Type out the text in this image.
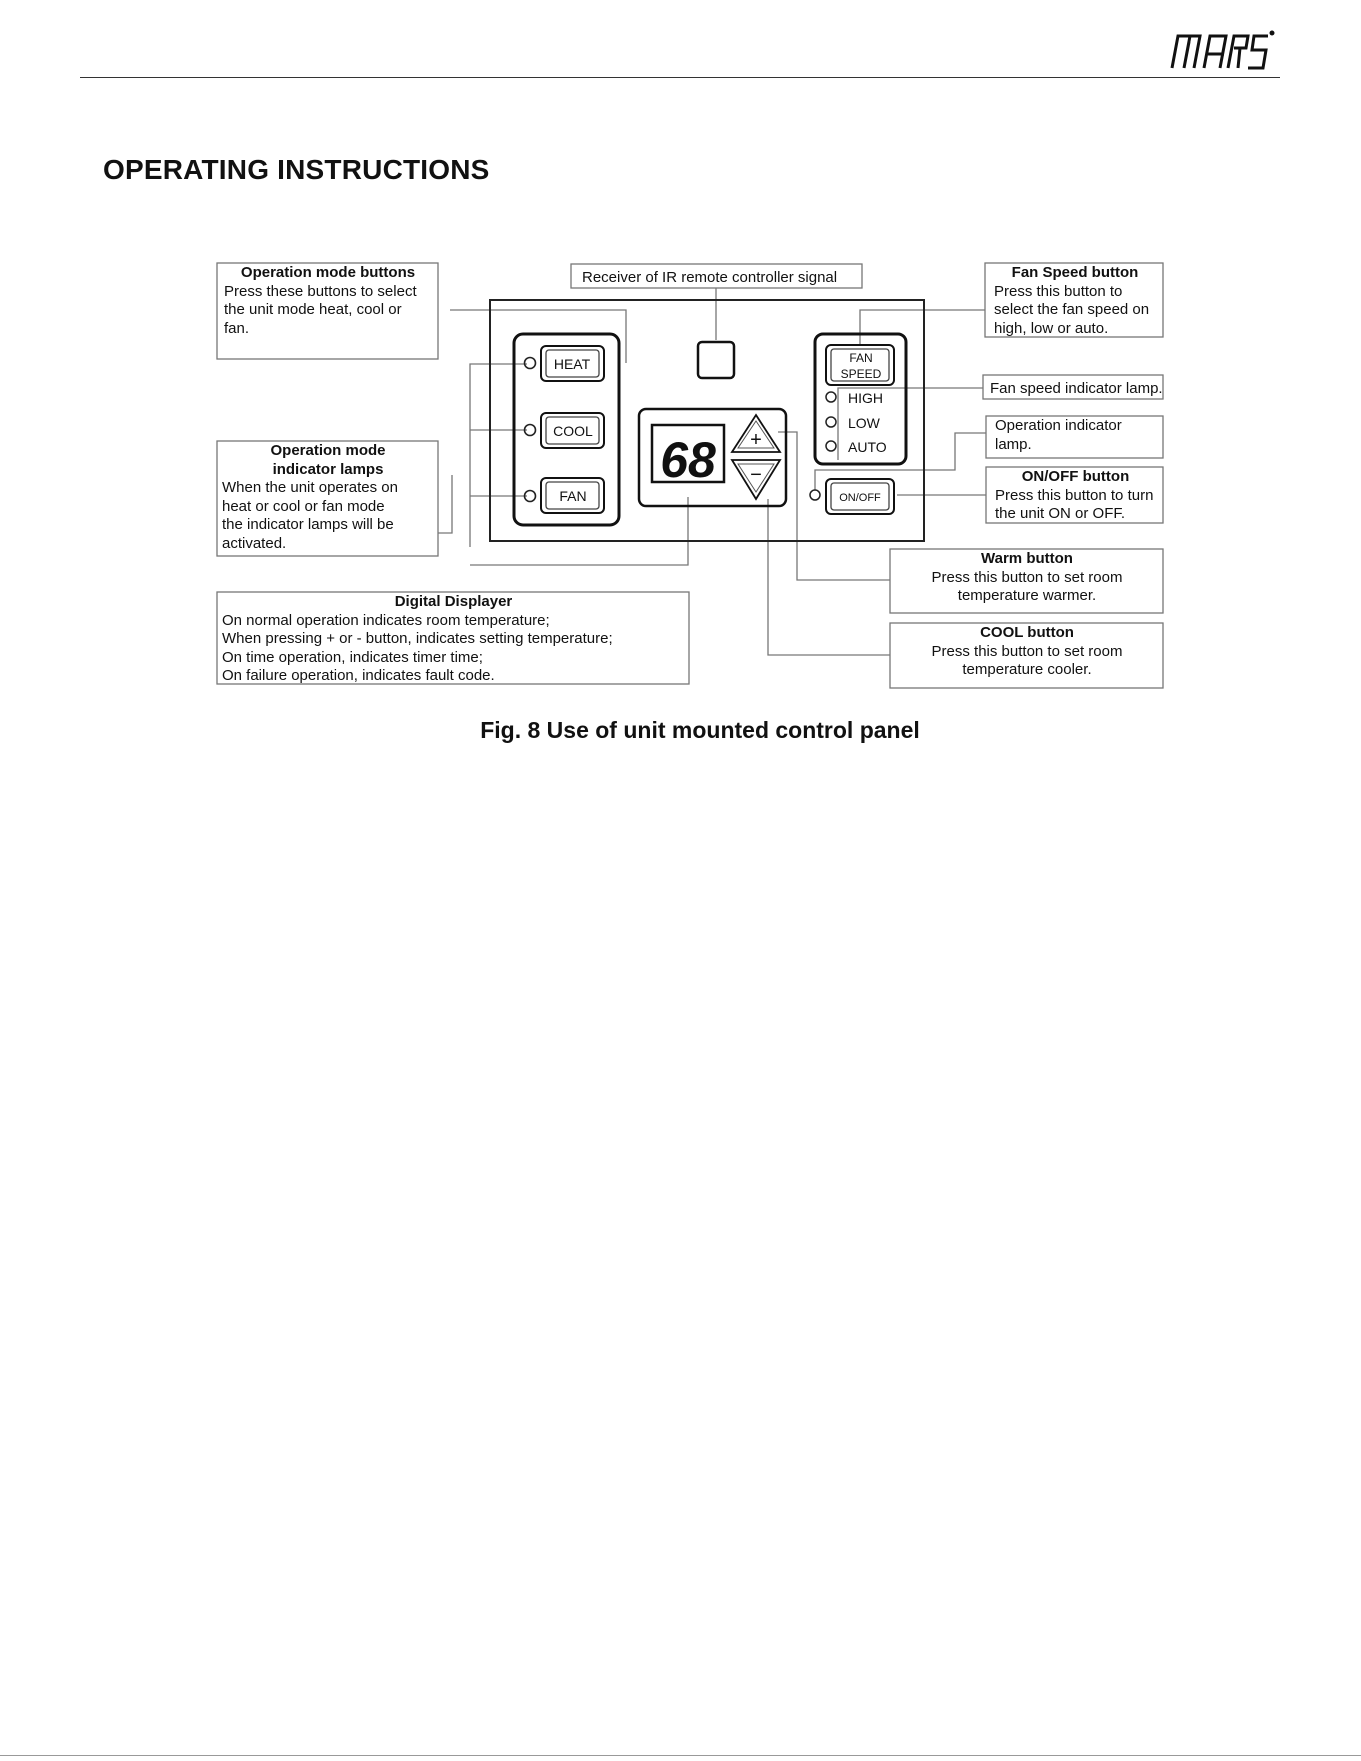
mars
OPERATING INSTRUCTIONS
HEAT
COOL
FAN
68 +
−
FAN
SPEED
HIGH
LOW
AUTO
ON/OFF
Operation mode buttons
Press these buttons to select
the unit mode heat, cool or
fan.
Operation mode
indicator lamps
When the unit operates on
heat or cool or fan mode
the indicator lamps will be
activated.
Digital Displayer
On normal operation indicates room temperature;
When pressing + or - button, indicates setting temperature;
On time operation, indicates timer time;
On failure operation, indicates fault code.
Receiver of IR remote controller signal	Fan Speed button
Press this button to
select the fan speed on
high, low or auto.
Fan speed indicator lamp.
Operation indicator
lamp.
ON/OFF button
Press this button to turn
the unit ON or OFF.
Warm button
Press this button to set room
temperature warmer.
COOL button
Press this button to set room
temperature cooler.
Fig. 8 Use of unit mounted control panel
